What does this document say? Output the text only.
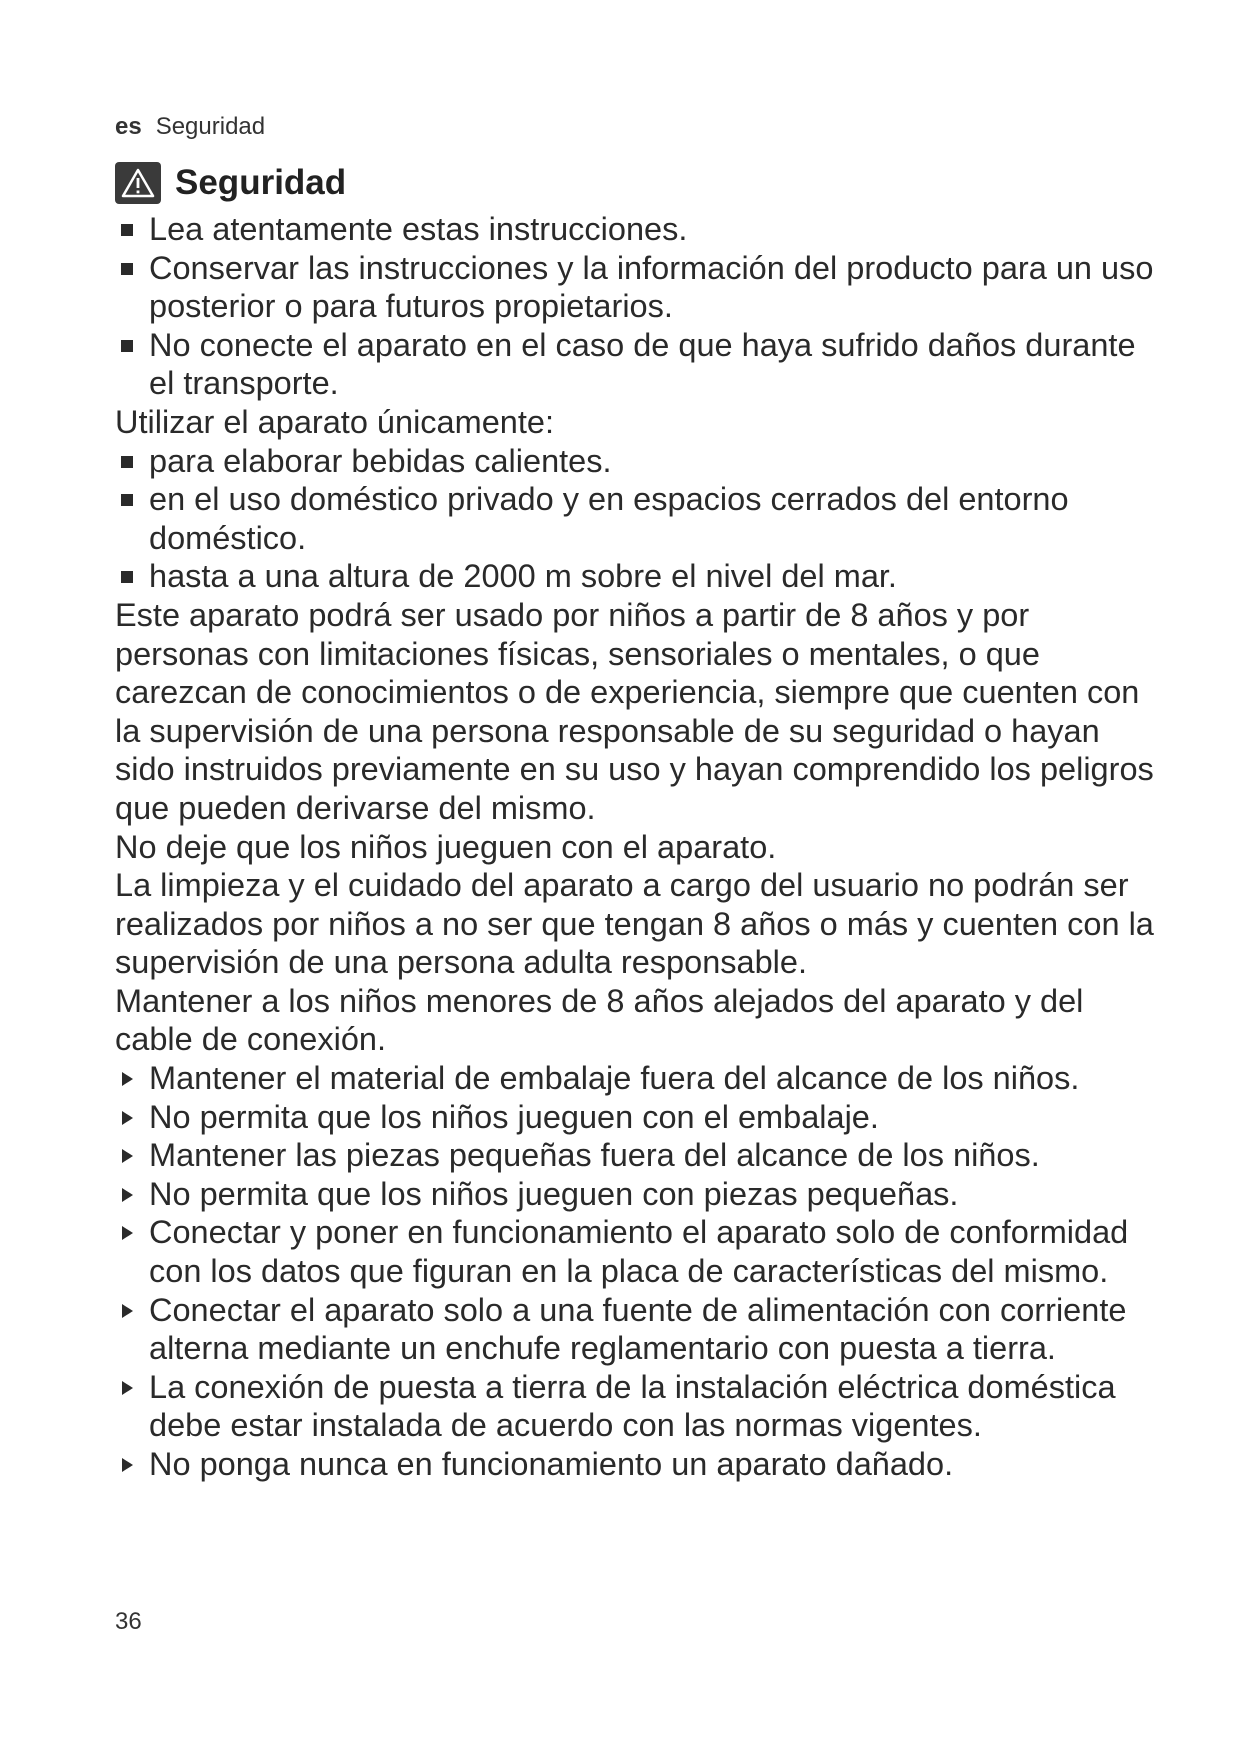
es Seguridad
Seguridad
Lea atentamente estas instrucciones.
Conservar las instrucciones y la información del producto para un uso posterior o para futuros propietarios.
No conecte el aparato en el caso de que haya sufrido daños durante el transporte.

Utilizar el aparato únicamente:

para elaborar bebidas calientes.
en el uso doméstico privado y en espacios cerrados del entorno doméstico.
hasta a una altura de 2000 m sobre el nivel del mar.

Este aparato podrá ser usado por niños a partir de 8 años y por personas con limitaciones físicas, sensoriales o mentales, o que carezcan de conocimientos o de experiencia, siempre que cuenten con la supervisión de una persona responsable de su seguridad o hayan sido instruidos previamente en su uso y hayan comprendido los peligros que pueden derivarse del mismo.

No deje que los niños jueguen con el aparato.

La limpieza y el cuidado del aparato a cargo del usuario no podrán ser realizados por niños a no ser que tengan 8 años o más y cuenten con la supervisión de una persona adulta responsable.

Mantener a los niños menores de 8 años alejados del aparato y del cable de conexión.

Mantener el material de embalaje fuera del alcance de los niños.
No permita que los niños jueguen con el embalaje.
Mantener las piezas pequeñas fuera del alcance de los niños.
No permita que los niños jueguen con piezas pequeñas.
Conectar y poner en funcionamiento el aparato solo de conformidad con los datos que figuran en la placa de características del mismo.
Conectar el aparato solo a una fuente de alimentación con corriente alterna mediante un enchufe reglamentario con puesta a tierra.
La conexión de puesta a tierra de la instalación eléctrica doméstica debe estar instalada de acuerdo con las normas vigentes.
No ponga nunca en funcionamiento un aparato dañado.
36
